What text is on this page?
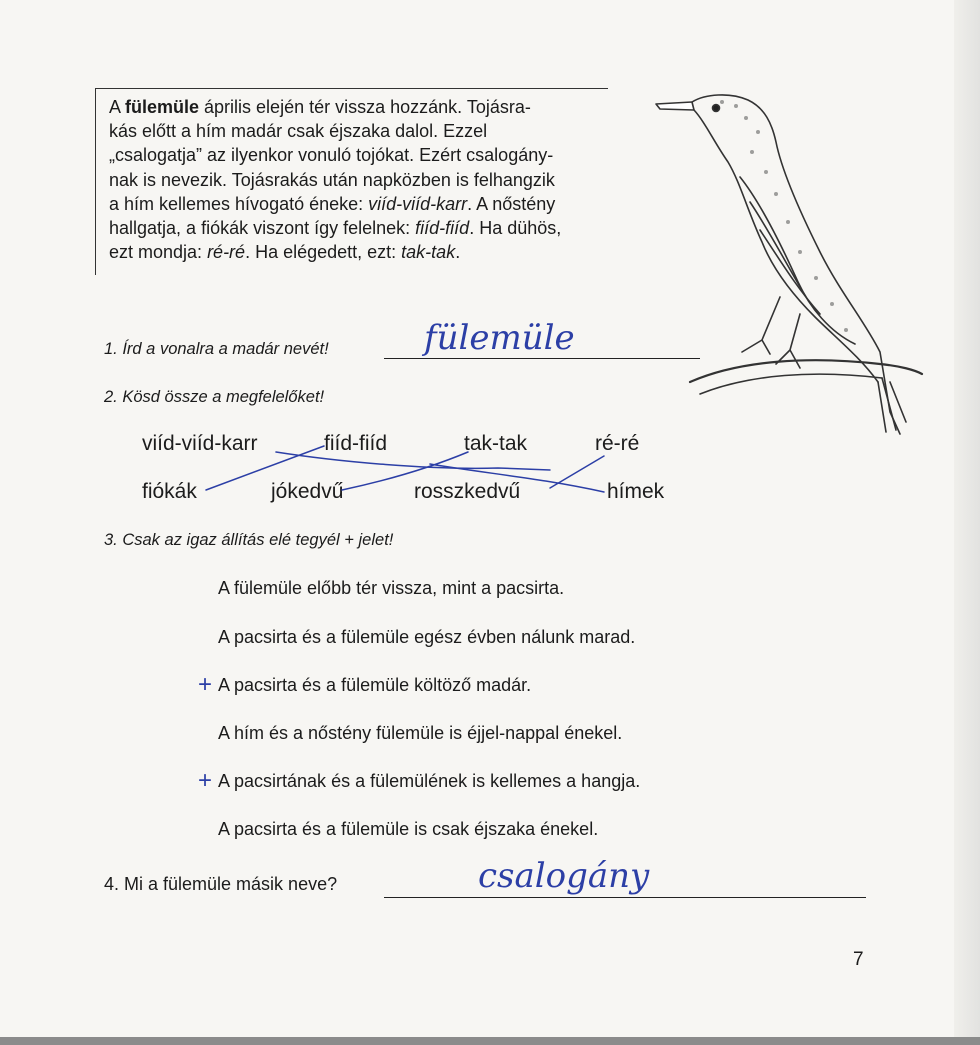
A fülemüle április elején tér vissza hozzánk. Tojásra-
kás előtt a hím madár csak éjszaka dalol. Ezzel
„csalogatja” az ilyenkor vonuló tojókat. Ezért csalogány-
nak is nevezik. Tojásrakás után napközben is felhangzik
a hím kellemes hívogató éneke: viíd-viíd-karr. A nőstény
hallgatja, a fiókák viszont így felelnek: fiíd-fiíd. Ha dühös,
ezt mondja: ré-ré. Ha elégedett, ezt: tak-tak.

1. Írd a vonalra a madár nevét!	fülemüle
2. Kösd össze a megfelelőket!
viíd-viíd-karr	fiíd-fiíd	tak-tak	ré-ré
fiókák	jókedvű	rosszkedvű	hímek
3. Csak az igaz állítás elé tegyél + jelet!
A fülemüle előbb tér vissza, mint a pacsirta.
A pacsirta és a fülemüle egész évben nálunk marad.
+ A pacsirta és a fülemüle költöző madár.
A hím és a nőstény fülemüle is éjjel-nappal énekel.
+ A pacsirtának és a fülemülének is kellemes a hangja.
A pacsirta és a fülemüle is csak éjszaka énekel.
4. Mi a fülemüle másik neve?	csalogány
7
